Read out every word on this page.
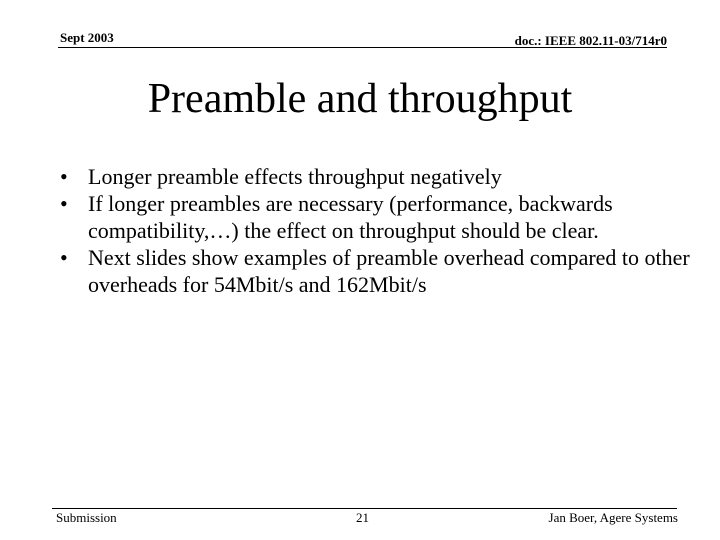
Sept 2003	doc.: IEEE 802.11-03/714r0
Preamble and throughput
• Longer preamble effects throughput negatively
• If longer preambles are necessary (performance, backwards compatibility,…) the effect on throughput should be clear.
• Next slides show examples of preamble overhead compared to other overheads for 54Mbit/s and 162Mbit/s
Submission	21	Jan Boer, Agere Systems
